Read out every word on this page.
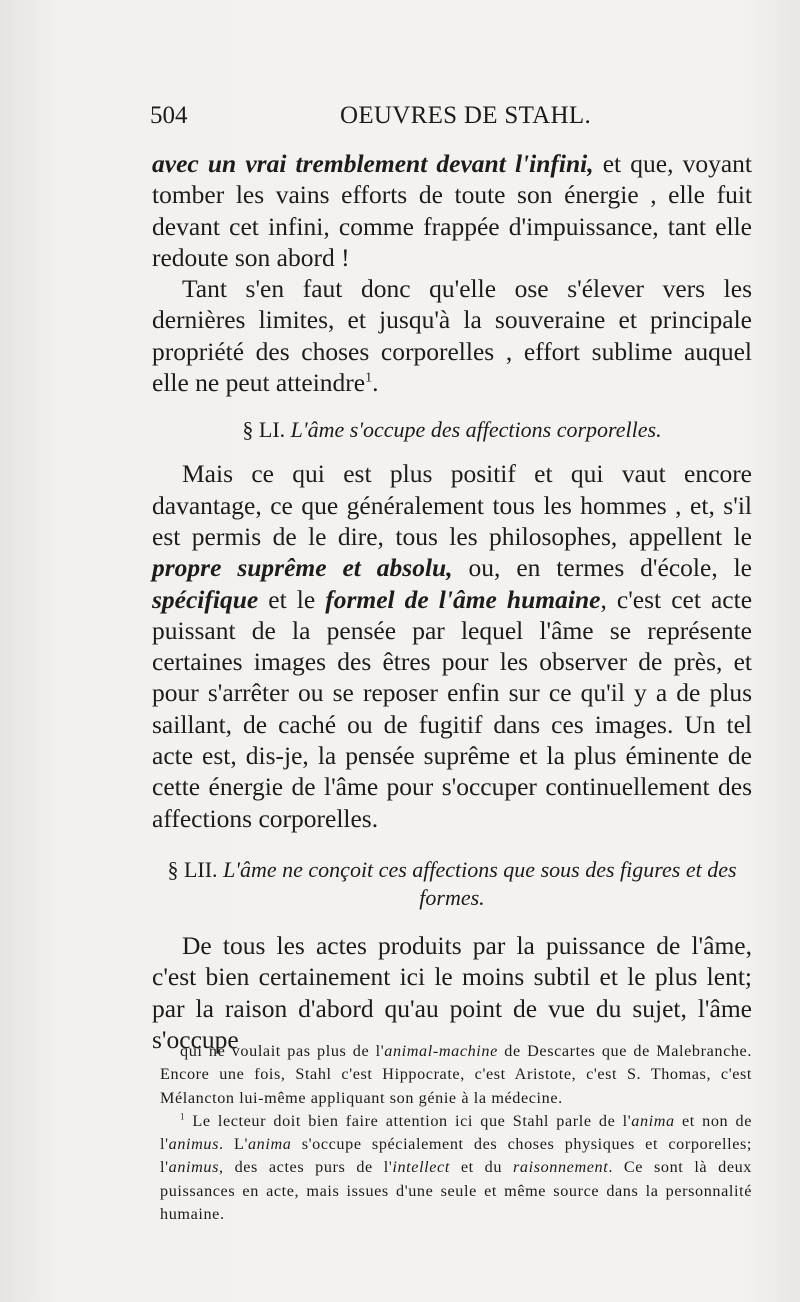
504	OEUVRES DE STAHL.

avec un vrai tremblement devant l'infini, et que, voyant tomber les vains efforts de toute son énergie , elle fuit devant cet infini, comme frappée d'impuissance, tant elle redoute son abord !

Tant s'en faut donc qu'elle ose s'élever vers les dernières limites, et jusqu'à la souveraine et principale propriété des choses corporelles , effort sublime auquel elle ne peut atteindre$^1$.

§ LI. L'âme s'occupe des affections corporelles.

Mais ce qui est plus positif et qui vaut encore davantage, ce que généralement tous les hommes , et, s'il est permis de le dire, tous les philosophes, appellent le propre suprême et absolu, ou, en termes d'école, le spécifique et le formel de l'âme humaine, c'est cet acte puissant de la pensée par lequel l'âme se représente certaines images des êtres pour les observer de près, et pour s'arrêter ou se reposer enfin sur ce qu'il y a de plus saillant, de caché ou de fugitif dans ces images. Un tel acte est, dis-je, la pensée suprême et la plus éminente de cette énergie de l'âme pour s'occuper continuellement des affections corporelles.

§ LII. L'âme ne conçoit ces affections que sous des figures et des formes.

De tous les actes produits par la puissance de l'âme, c'est bien certainement ici le moins subtil et le plus lent; par la raison d'abord qu'au point de vue du sujet, l'âme s'occupe

qui ne voulait pas plus de l'animal-machine de Descartes que de Malebranche. Encore une fois, Stahl c'est Hippocrate, c'est Aristote, c'est S. Thomas, c'est Mélancton lui-même appliquant son génie à la médecine.

$^1$ Le lecteur doit bien faire attention ici que Stahl parle de l'anima et non de l'animus. L'anima s'occupe spécialement des choses physiques et corporelles; l'animus, des actes purs de l'intellect et du raisonnement. Ce sont là deux puissances en acte, mais issues d'une seule et même source dans la personnalité humaine.
